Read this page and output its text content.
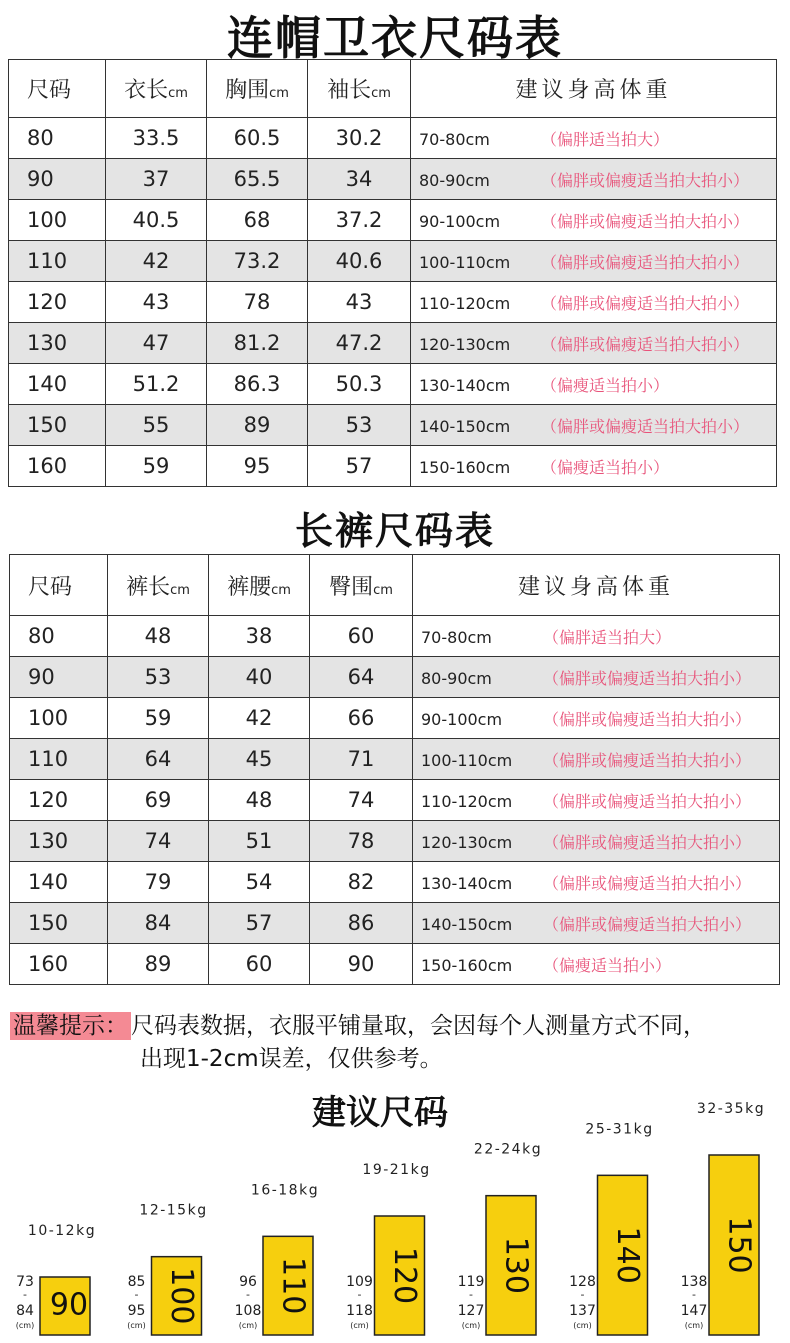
连帽卫衣尺码表
尺码	衣长cm	胸围cm	袖长cm	建议身高体重
80	33.5	60.5	30.2	70-80cm （偏胖适当拍大）
90	37	65.5	34	80-90cm （偏胖或偏瘦适当拍大拍小）
100	40.5	68	37.2	90-100cm （偏胖或偏瘦适当拍大拍小）
110	42	73.2	40.6	100-110cm （偏胖或偏瘦适当拍大拍小）
120	43	78	43	110-120cm （偏胖或偏瘦适当拍大拍小）
130	47	81.2	47.2	120-130cm （偏胖或偏瘦适当拍大拍小）
140	51.2	86.3	50.3	130-140cm （偏瘦适当拍小）
150	55	89	53	140-150cm （偏胖或偏瘦适当拍大拍小）
160	59	95	57	150-160cm （偏瘦适当拍小）
长裤尺码表
尺码	裤长cm	裤腰cm	臀围cm	建议身高体重
80	48	38	60	70-80cm （偏胖适当拍大）
90	53	40	64	80-90cm （偏胖或偏瘦适当拍大拍小）
100	59	42	66	90-100cm （偏胖或偏瘦适当拍大拍小）
110	64	45	71	100-110cm （偏胖或偏瘦适当拍大拍小）
120	69	48	74	110-120cm （偏胖或偏瘦适当拍大拍小）
130	74	51	78	120-130cm （偏胖或偏瘦适当拍大拍小）
140	79	54	82	130-140cm （偏胖或偏瘦适当拍大拍小）
150	84	57	86	140-150cm （偏胖或偏瘦适当拍大拍小）
160	89	60	90	150-160cm （偏瘦适当拍小）
温馨提示： 尺码表数据，衣服平铺量取，会因每个人测量方式不同，
出现1-2cm误差，仅供参考。
建议尺码
90
10-12kg
73
-
84
(cm)
100
12-15kg
85
-
95
(cm)
110
16-18kg
96
-
108
(cm)
120
19-21kg
109
-
118
(cm)
130
22-24kg
119
-
127
(cm)
140
25-31kg
128
-
137
(cm)
150
32-35kg
138
-
147
(cm)
